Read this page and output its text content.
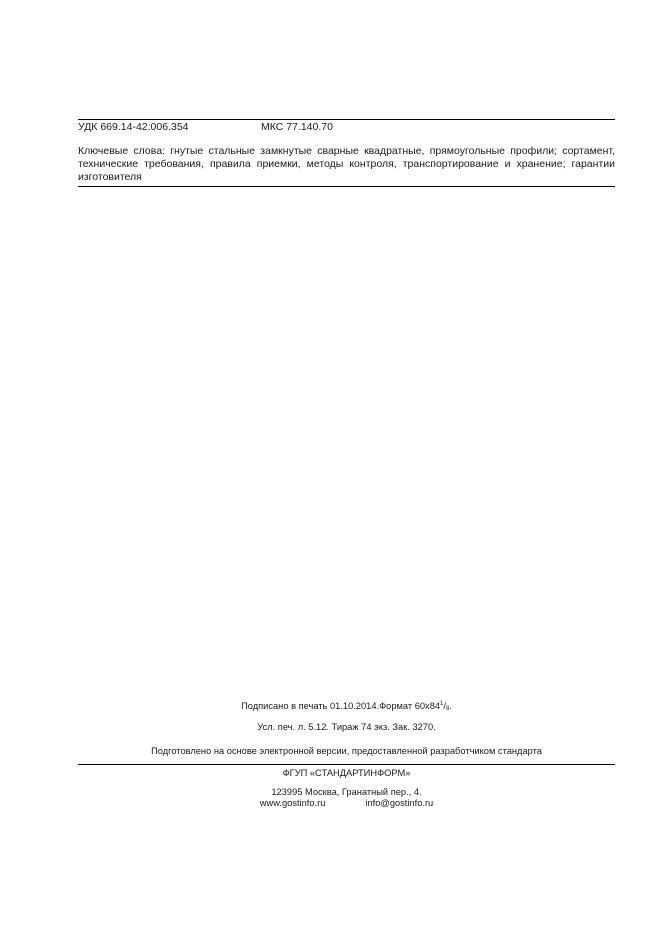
УДК 669.14-42:006.354	МКС 77.140.70
Ключевые слова: гнутые стальные замкнутые сварные квадратные, прямоугольные профили; сортамент, технические требования, правила приемки, методы контроля, транспортирование и хранение; гарантии изготовителя
Подписано в печать 01.10.2014.Формат $60х84^1/_8$.
Усл. печ. л. 5.12. Тираж 74 экз. Зак. 3270.
Подготовлено на основе электронной версии, предоставленной разработчиком стандарта
ФГУП «СТАНДАРТИНФОРМ»
123995 Москва, Гранатный пер., 4.
www.gostinfo.ru	info@gostinfo.ru
